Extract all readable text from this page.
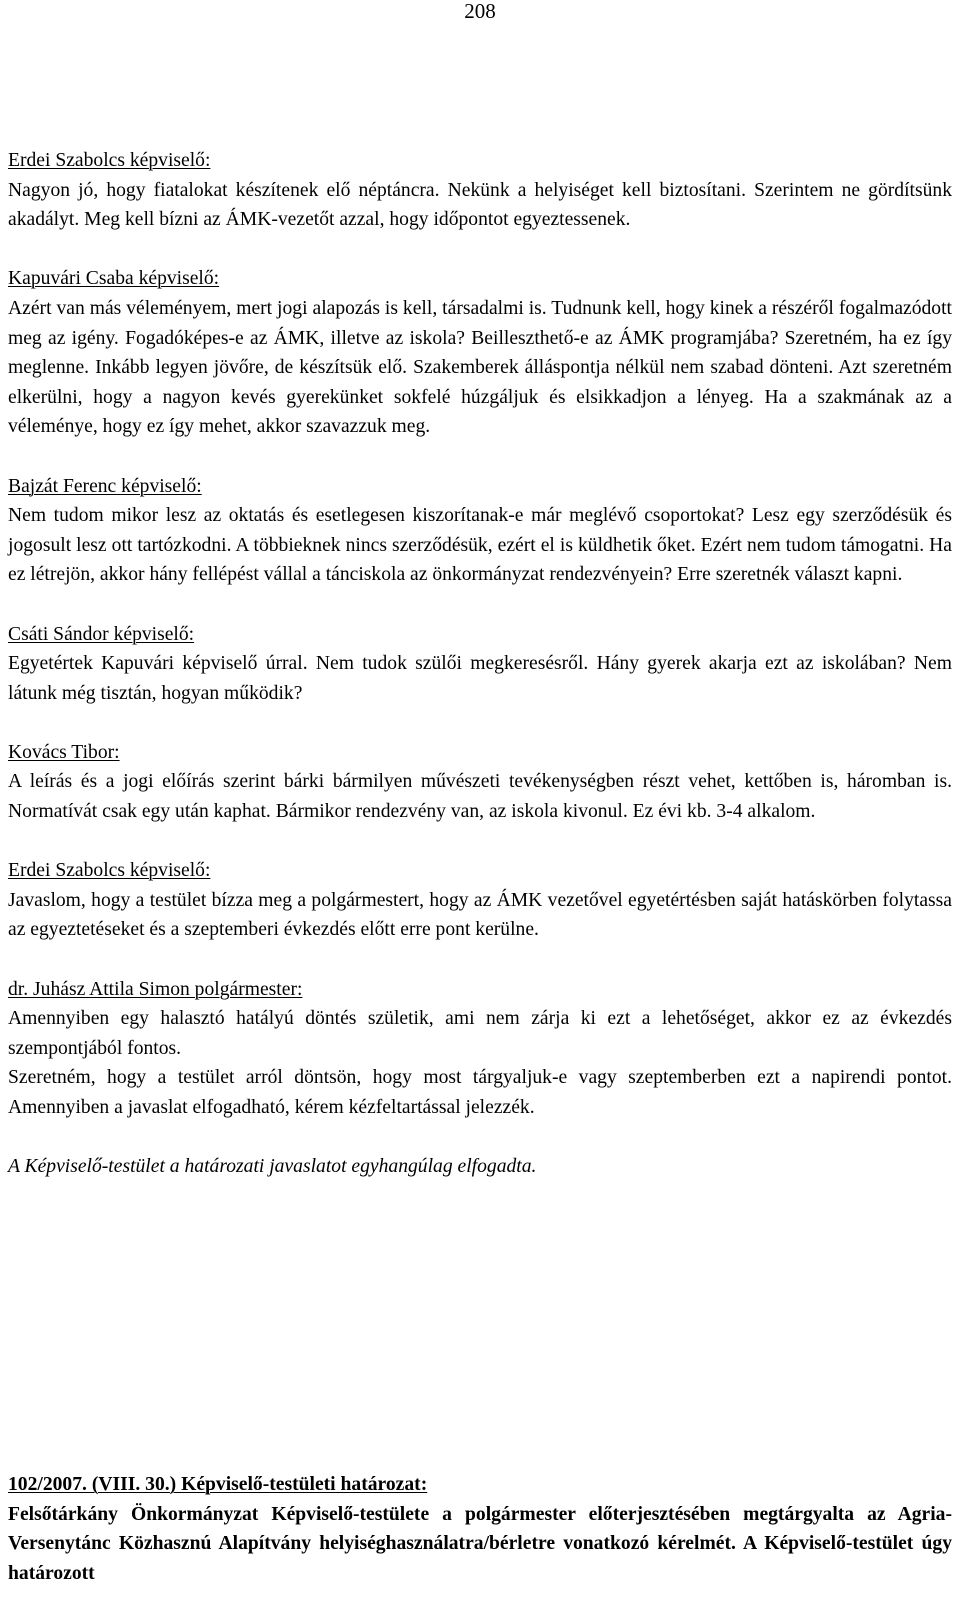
208
Erdei Szabolcs képviselő:
Nagyon jó, hogy fiatalokat készítenek elő néptáncra. Nekünk a helyiséget kell biztosítani. Szerintem ne gördítsünk akadályt. Meg kell bízni az ÁMK-vezetőt azzal, hogy időpontot egyeztessenek.
Kapuvári Csaba képviselő:
Azért van más véleményem, mert jogi alapozás is kell, társadalmi is. Tudnunk kell, hogy kinek a részéről fogalmazódott meg az igény. Fogadóképes-e az ÁMK, illetve az iskola? Beilleszthető-e az ÁMK programjába? Szeretném, ha ez így meglenne. Inkább legyen jövőre, de készítsük elő. Szakemberek álláspontja nélkül nem szabad dönteni. Azt szeretném elkerülni, hogy a nagyon kevés gyerekünket sokfelé húzgáljuk és elsikkadjon a lényeg. Ha a szakmának az a véleménye, hogy ez így mehet, akkor szavazzuk meg.
Bajzát Ferenc képviselő:
Nem tudom mikor lesz az oktatás és esetlegesen kiszorítanak-e már meglévő csoportokat? Lesz egy szerződésük és jogosult lesz ott tartózkodni. A többieknek nincs szerződésük, ezért el is küldhetik őket. Ezért nem tudom támogatni. Ha ez létrejön, akkor hány fellépést vállal a tánciskola az önkormányzat rendezvényein? Erre szeretnék választ kapni.
Csáti Sándor képviselő:
Egyetértek Kapuvári képviselő úrral. Nem tudok szülői megkeresésről. Hány gyerek akarja ezt az iskolában? Nem látunk még tisztán, hogyan működik?
Kovács Tibor:
A leírás és a jogi előírás szerint bárki bármilyen művészeti tevékenységben részt vehet, kettőben is, háromban is. Normatívát csak egy után kaphat. Bármikor rendezvény van, az iskola kivonul. Ez évi kb. 3-4 alkalom.
Erdei Szabolcs képviselő:
Javaslom, hogy a testület bízza meg a polgármestert, hogy az ÁMK vezetővel egyetértésben saját hatáskörben folytassa az egyeztetéseket és a szeptemberi évkezdés előtt erre pont kerülne.
dr. Juhász Attila Simon polgármester:
Amennyiben egy halasztó hatályú döntés születik, ami nem zárja ki ezt a lehetőséget, akkor ez az évkezdés szempontjából fontos.
Szeretném, hogy a testület arról döntsön, hogy most tárgyaljuk-e vagy szeptemberben ezt a napirendi pontot. Amennyiben a javaslat elfogadható, kérem kézfeltartással jelezzék.
A Képviselő-testület a határozati javaslatot egyhangúlag elfogadta.
102/2007. (VIII. 30.) Képviselő-testületi határozat:
Felsőtárkány Önkormányzat Képviselő-testülete a polgármester előterjesztésében megtárgyalta az Agria-Versenytánc Közhasznú Alapítvány helyiséghasználatra/bérletre vonatkozó kérelmét. A Képviselő-testület úgy határozott
